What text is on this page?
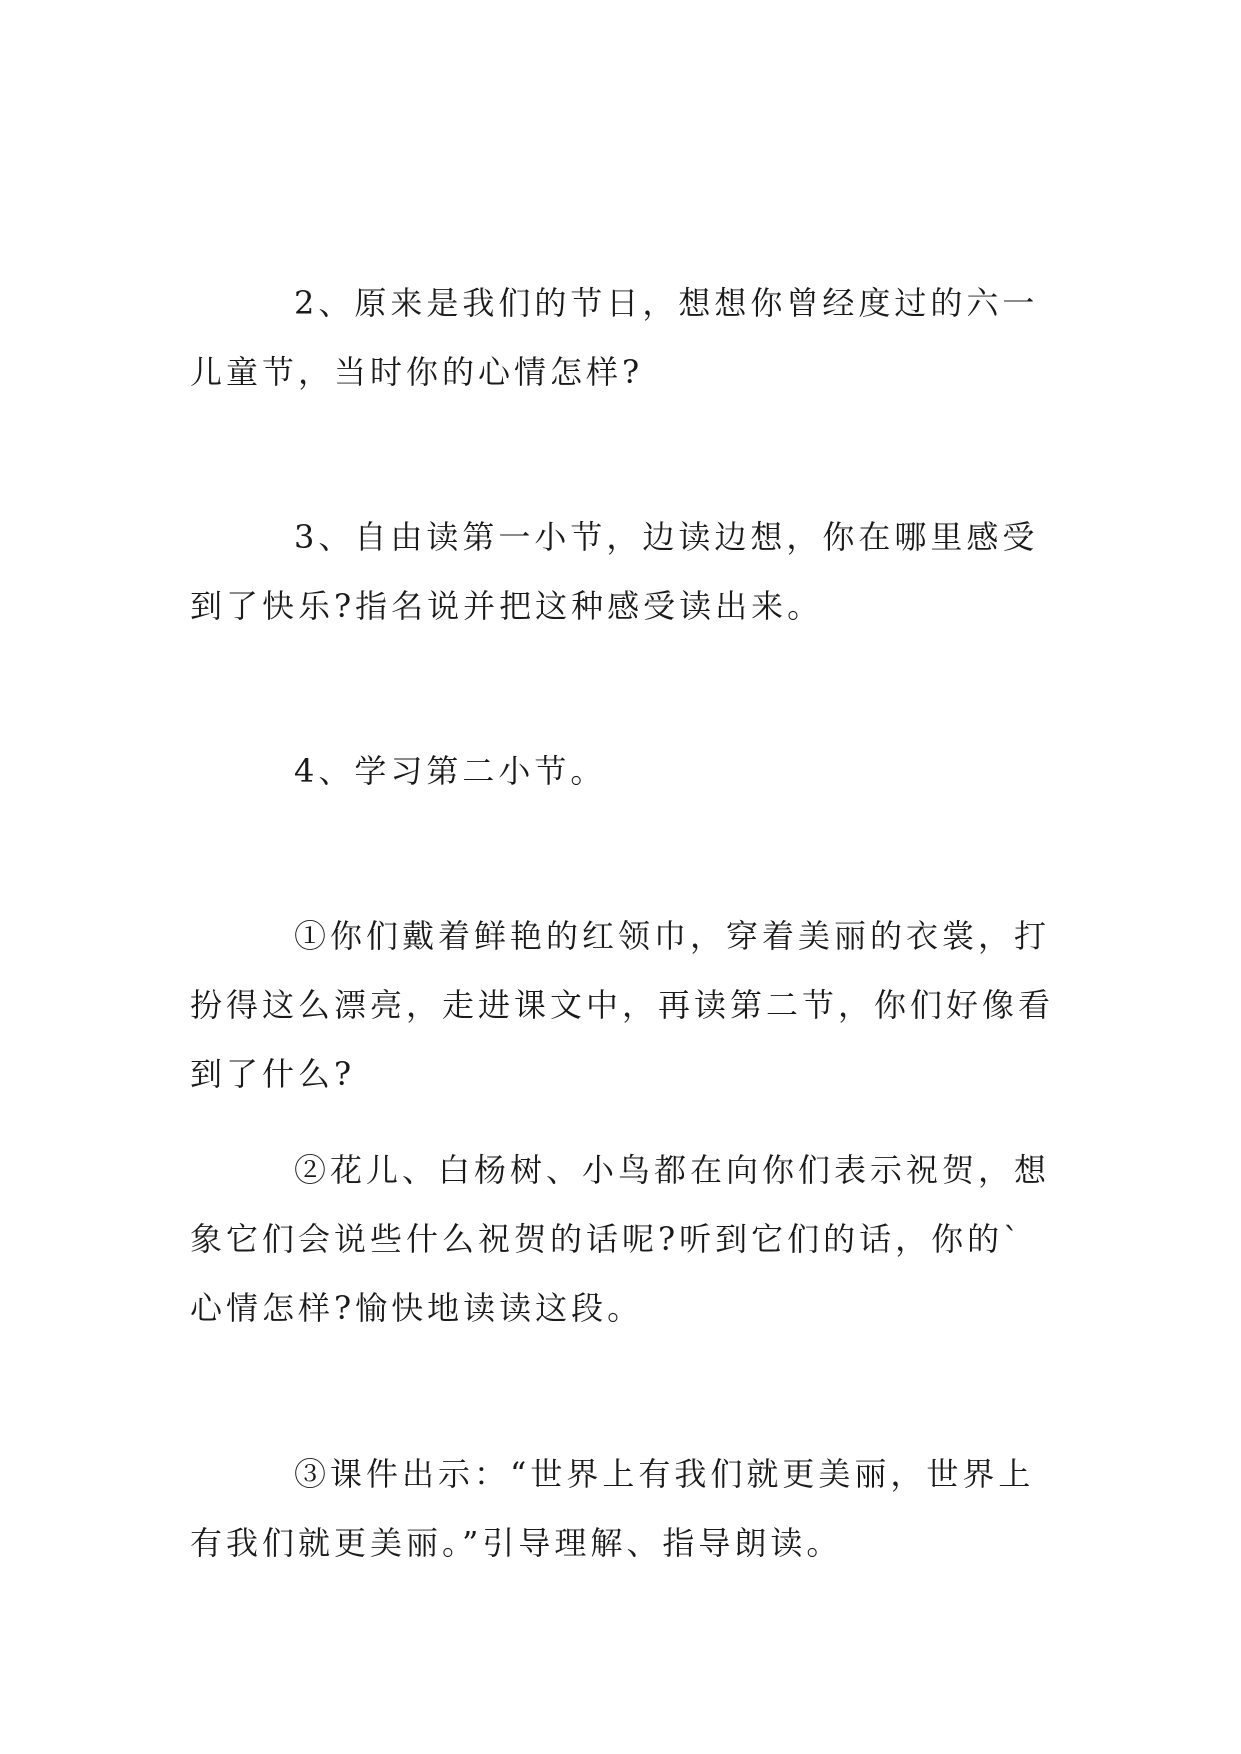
2、原来是我们的节日，想想你曾经度过的六一儿童节，当时你的心情怎样?

3、自由读第一小节，边读边想，你在哪里感受到了快乐?指名说并把这种感受读出来。

4、学习第二小节。

①你们戴着鲜艳的红领巾，穿着美丽的衣裳，打扮得这么漂亮，走进课文中，再读第二节，你们好像看到了什么?

②花儿、白杨树、小鸟都在向你们表示祝贺，想象它们会说些什么祝贺的话呢?听到它们的话，你的`心情怎样?愉快地读读这段。

③课件出示：“世界上有我们就更美丽，世界上有我们就更美丽。”引导理解、指导朗读。
